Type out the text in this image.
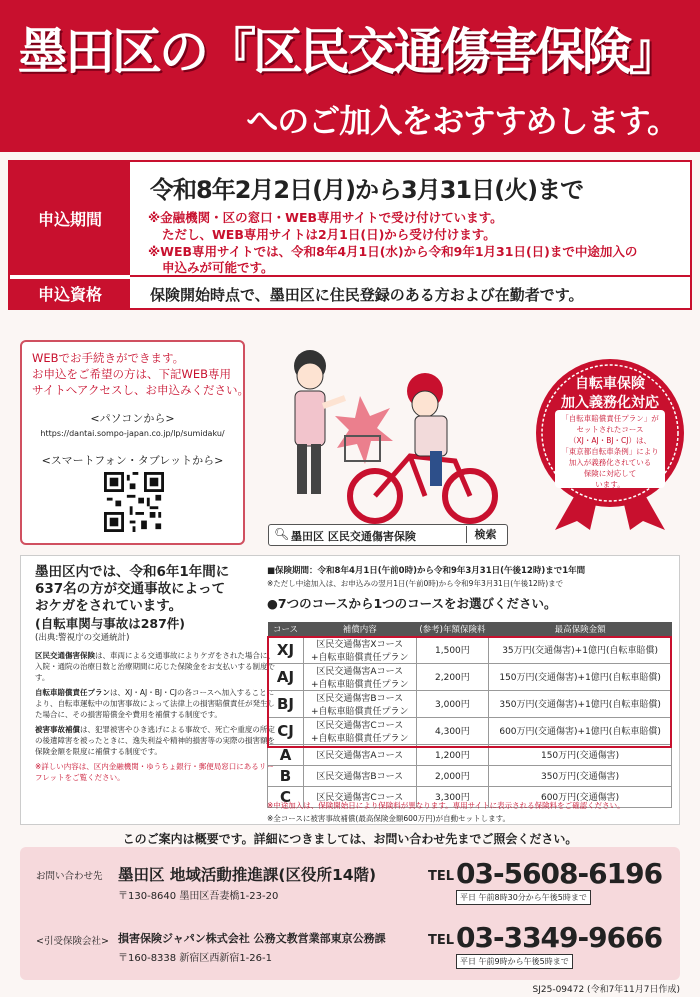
墨田区の『区民交通傷害保険』
へのご加入をおすすめします。
申込期間
令和8年2月2日(月)から3月31日(火)まで
※金融機関・区の窓口・WEB専用サイトで受け付けています。
ただし、WEB専用サイトは2月1日(日)から受け付けます。
※WEB専用サイトでは、令和8年4月1日(水)から令和9年1月31日(日)まで中途加入の
申込みが可能です。
申込資格	保険開始時点で、墨田区に住民登録のある方および在勤者です。
WEBでお手続きができます。
お申込をご希望の方は、下記WEB専用
サイトへアクセスし、お申込みください。
<パソコンから>
https://dantai.sompo-japan.co.jp/lp/sumidaku/
<スマートフォン・タブレットから>
自転車保険
加入義務化対応
「自転車賠償責任プラン」が
セットされたコース
（XJ・AJ・BJ・CJ）は、
「東京都自転車条例」により
加入が義務化されている
保険に対応して
います。
🔍︎ 墨田区 区民交通傷害保険	検索
墨田区内では、令和6年1年間に
637名の方が交通事故によって
おケガをされています。
(自転車関与事故は287件)
(出典:警視庁の交通統計)
区民交通傷害保険は、車両による交通事故によりケガをされた場合に、入院・通院の治療日数と治療期間に応じた保険金をお支払いする制度です。
自転車賠償責任プランは、XJ・AJ・BJ・CJの各コースへ加入することにより、自転車運転中の加害事故によって法律上の損害賠償責任が発生した場合に、その損害賠償金や費用を補償する制度です。
被害事故補償は、犯罪被害やひき逃げによる事故で、死亡や重度の所定の後遺障害を被ったときに、逸失利益や精神的損害等の実際の損害額を保険金額を限度に補償する制度です。
※詳しい内容は、区内金融機関・ゆうちょ銀行・郵便局窓口にあるリーフレットをご覧ください。
■保険期間：令和8年4月1日(午前0時)から令和9年3月31日(午後12時)まで1年間
※ただし中途加入は、お申込みの翌月1日(午前0時)から令和9年3月31日(午後12時)まで
●7つのコースから1つのコースをお選びください。
コース	補償内容	(参考)年額保険料	最高保険金額
XJ	区民交通傷害Xコース
+自転車賠償責任プラン	1,500円	35万円(交通傷害)+1億円(自転車賠償)
AJ	区民交通傷害Aコース
+自転車賠償責任プラン	2,200円	150万円(交通傷害)+1億円(自転車賠償)
BJ	区民交通傷害Bコース
+自転車賠償責任プラン	3,000円	350万円(交通傷害)+1億円(自転車賠償)
CJ	区民交通傷害Cコース
+自転車賠償責任プラン	4,300円	600万円(交通傷害)+1億円(自転車賠償)
A	区民交通傷害Aコース	1,200円	150万円(交通傷害)
B	区民交通傷害Bコース	2,000円	350万円(交通傷害)
C	区民交通傷害Cコース	3,300円	600万円(交通傷害)
※中途加入は、保険開始日により保険料が異なります。専用サイトに表示される保険料をご確認ください。
※全コースに被害事故補償(最高保険金額600万円)が自動セットします。
このご案内は概要です。詳細につきましては、お問い合わせ先までご照会ください。
お問い合わせ先 墨田区 地域活動推進課(区役所14階)
〒130-8640 墨田区吾妻橋1-23-20
TEL 03-5608-6196
平日 午前8時30分から午後5時まで
<引受保険会社> 損害保険ジャパン株式会社 公務文教営業部東京公務課
〒160-8338 新宿区西新宿1-26-1
TEL 03-3349-9666
平日 午前9時から午後5時まで
SJ25-09472 (令和7年11月7日作成)
